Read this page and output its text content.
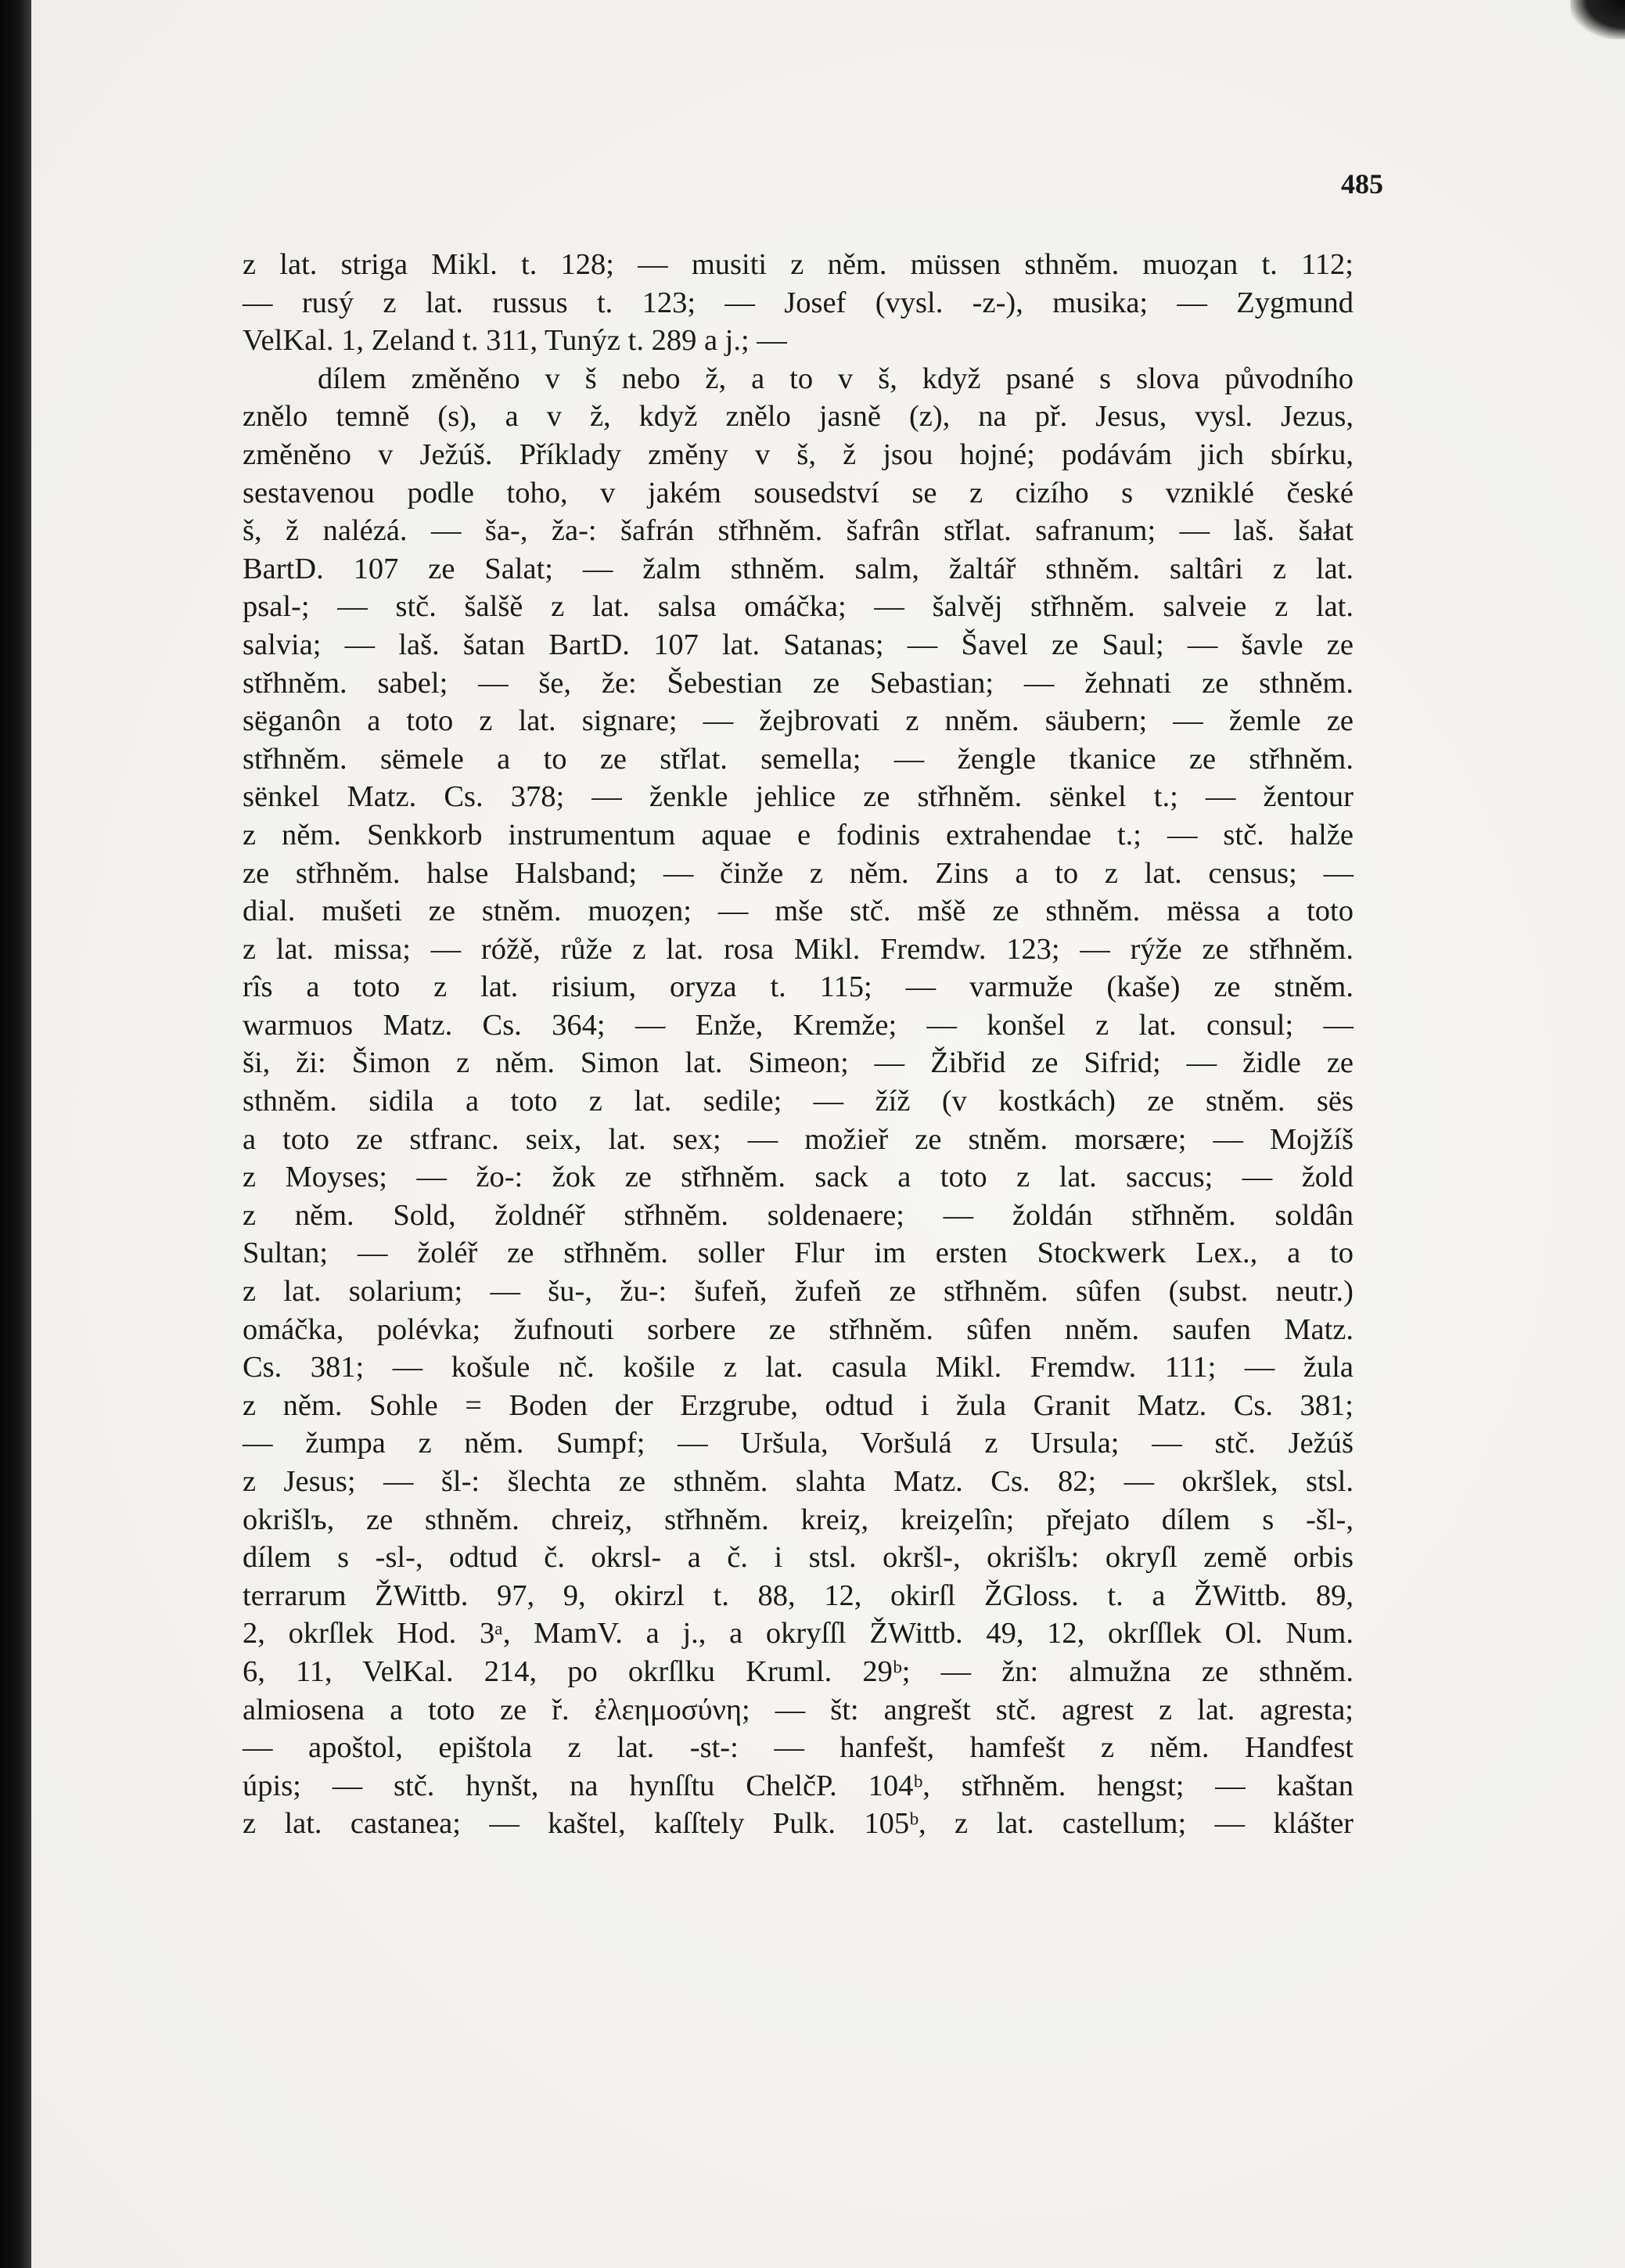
485
z lat. striga Mikl. t. 128; — musiti z něm. müssen sthněm. muoȥan t. 112;
— rusý z lat. russus t. 123; — Josef (vysl. -z-), musika; — Zygmund
VelKal. 1, Zeland t. 311, Tunýz t. 289 a j.; —
dílem změněno v š nebo ž, a to v š, když psané s slova původního
znělo temně (s), a v ž, když znělo jasně (z), na př. Jesus, vysl. Jezus,
změněno v Ježúš. Příklady změny v š, ž jsou hojné; podávám jich sbírku,
sestavenou podle toho, v jakém sousedství se z cizího s vzniklé české
š, ž nalézá. — ša-, ža-: šafrán střhněm. šafrân střlat. safranum; — laš. šałat
BartD. 107 ze Salat; — žalm sthněm. salm, žaltář sthněm. saltâri z lat.
psal-; — stč. šalšě z lat. salsa omáčka; — šalvěj střhněm. salveie z lat.
salvia; — laš. šatan BartD. 107 lat. Satanas; — Šavel ze Saul; — šavle ze
střhněm. sabel; — še, že: Šebestian ze Sebastian; — žehnati ze sthněm.
sëganôn a toto z lat. signare; — žejbrovati z nněm. säubern; — žemle ze
střhněm. sëmele a to ze střlat. semella; — žengle tkanice ze střhněm.
sënkel Matz. Cs. 378; — ženkle jehlice ze střhněm. sënkel t.; — žentour
z něm. Senkkorb instrumentum aquae e fodinis extrahendae t.; — stč. halže
ze střhněm. halse Halsband; — činže z něm. Zins a to z lat. census; —
dial. mušeti ze stněm. muoȥen; — mše stč. mšě ze sthněm. mëssa a toto
z lat. missa; — róžě, růže z lat. rosa Mikl. Fremdw. 123; — rýže ze střhněm.
rîs a toto z lat. risium, oryza t. 115; — varmuže (kaše) ze stněm.
warmuos Matz. Cs. 364; — Enže, Kremže; — konšel z lat. consul; —
ši, ži: Šimon z něm. Simon lat. Simeon; — Žibřid ze Sifrid; — židle ze
sthněm. sidila a toto z lat. sedile; — žíž (v kostkách) ze stněm. sës
a toto ze stfranc. seix, lat. sex; — možieř ze stněm. morsære; — Mojžíš
z Moyses; — žo-: žok ze střhněm. sack a toto z lat. saccus; — žold
z něm. Sold, žoldnéř střhněm. soldenaere; — žoldán střhněm. soldân
Sultan; — žoléř ze střhněm. soller Flur im ersten Stockwerk Lex., a to
z lat. solarium; — šu-, žu-: šufeň, žufeň ze střhněm. sûfen (subst. neutr.)
omáčka, polévka; žufnouti sorbere ze střhněm. sûfen nněm. saufen Matz.
Cs. 381; — košule nč. košile z lat. casula Mikl. Fremdw. 111; — žula
z něm. Sohle = Boden der Erzgrube, odtud i žula Granit Matz. Cs. 381;
— žumpa z něm. Sumpf; — Uršula, Voršulá z Ursula; — stč. Ježúš
z Jesus; — šl-: šlechta ze sthněm. slahta Matz. Cs. 82; — okršlek, stsl.
okrišlъ, ze sthněm. chreiȥ, střhněm. kreiȥ, kreiȥelîn; přejato dílem s -šl-,
dílem s -sl-, odtud č. okrsl- a č. i stsl. okršl-, okrišlъ: okryſl země orbis
terrarum ŽWittb. 97, 9, okirzl t. 88, 12, okirſl ŽGloss. t. a ŽWittb. 89,
2, okrſlek Hod. 3ᵃ, MamV. a j., a okryſſl ŽWittb. 49, 12, okrſſlek Ol. Num.
6, 11, VelKal. 214, po okrſlku Kruml. 29ᵇ; — žn: almužna ze sthněm.
almiosena a toto ze ř. ἐλεημοσύνη; — št: angrešt stč. agrest z lat. agresta;
— apoštol, epištola z lat. -st-: — hanfešt, hamfešt z něm. Handfest
úpis; — stč. hynšt, na hynſſtu ChelčP. 104ᵇ, střhněm. hengst; — kaštan
z lat. castanea; — kaštel, kaſſtely Pulk. 105ᵇ, z lat. castellum; — klášter
